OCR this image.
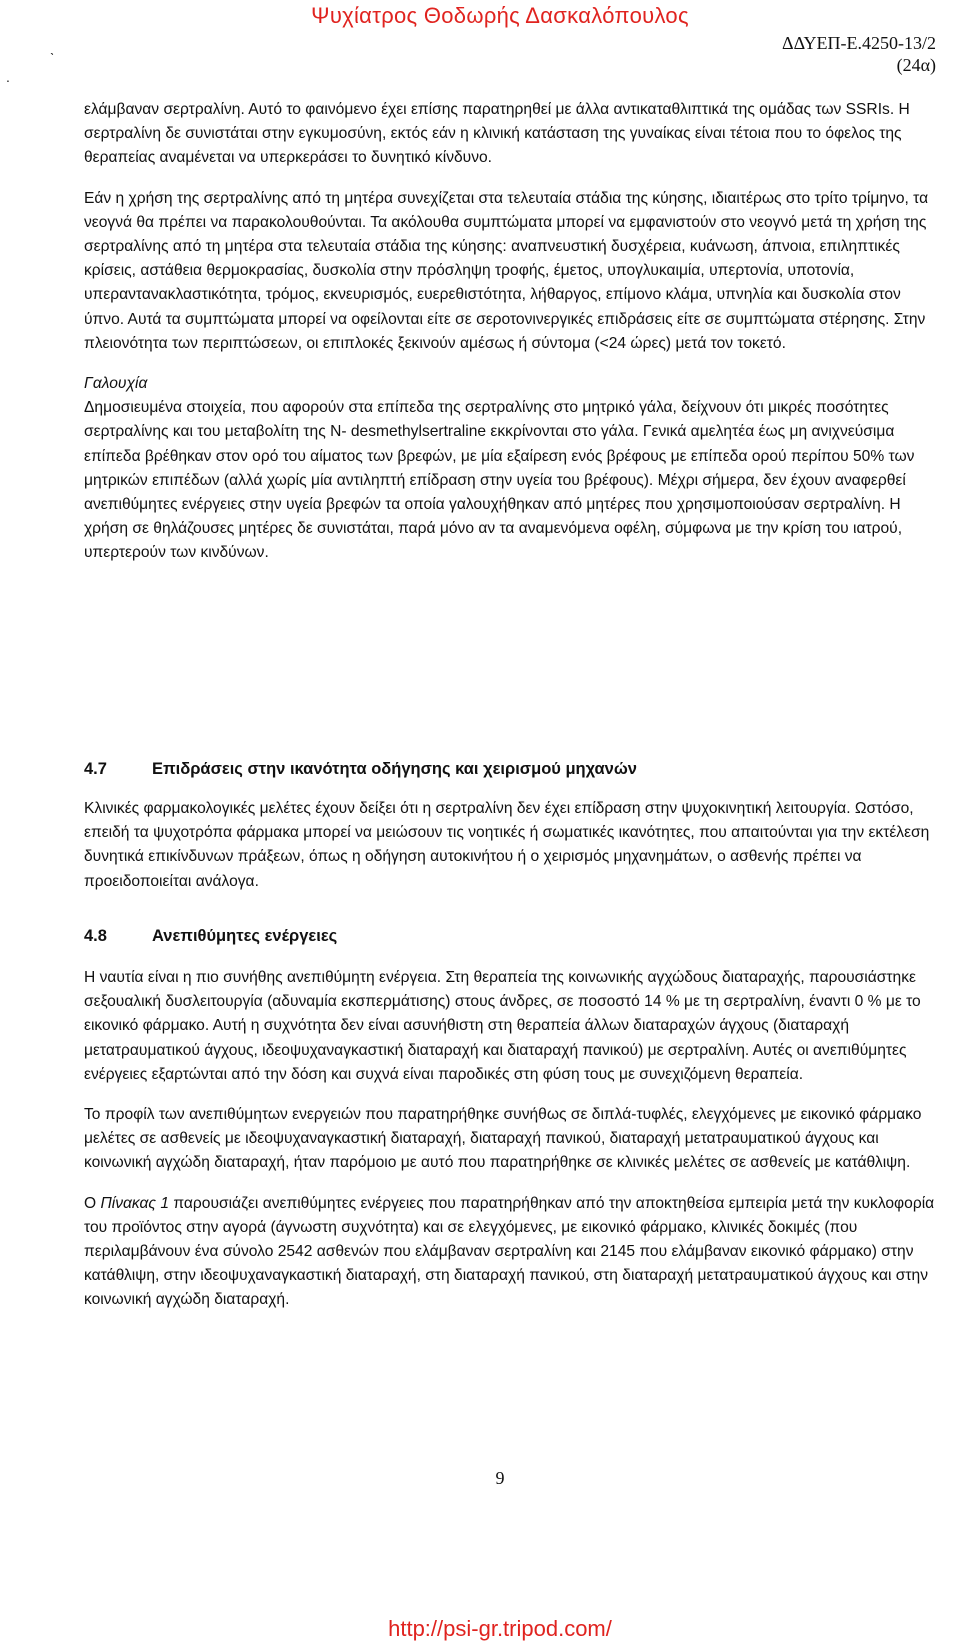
Ψυχίατρος Θοδωρής Δασκαλόπουλος
ΔΔΥΕΠ-Ε.4250-13/2
(24α)
ˎ
.

ελάμβαναν σερτραλίνη. Αυτό το φαινόμενο έχει επίσης παρατηρηθεί με άλλα αντικαταθλιπτικά της ομάδας των SSRIs. Η σερτραλίνη δε συνιστάται στην εγκυμοσύνη, εκτός εάν η κλινική κατάσταση της γυναίκας είναι τέτοια που το όφελος της θεραπείας αναμένεται να υπερκεράσει το δυνητικό κίνδυνο.

Εάν η χρήση της σερτραλίνης από τη μητέρα συνεχίζεται στα τελευταία στάδια της κύησης, ιδιαιτέρως στο τρίτο τρίμηνο, τα νεογνά θα πρέπει να παρακολουθούνται. Τα ακόλουθα συμπτώματα μπορεί να εμφανιστούν στο νεογνό μετά τη χρήση της σερτραλίνης από τη μητέρα στα τελευταία στάδια της κύησης: αναπνευστική δυσχέρεια, κυάνωση, άπνοια, επιληπτικές κρίσεις, αστάθεια θερμοκρασίας, δυσκολία στην πρόσληψη τροφής, έμετος, υπογλυκαιμία, υπερτονία, υποτονία, υπεραντανακλαστικότητα, τρόμος, εκνευρισμός, ευερεθιστότητα, λήθαργος, επίμονο κλάμα, υπνηλία και δυσκολία στον ύπνο. Αυτά τα συμπτώματα μπορεί να οφείλονται είτε σε σεροτονινεργικές επιδράσεις είτε σε συμπτώματα στέρησης. Στην πλειονότητα των περιπτώσεων, οι επιπλοκές ξεκινούν αμέσως ή σύντομα (<24 ώρες) μετά τον τοκετό.

Γαλουχία

Δημοσιευμένα στοιχεία, που αφορούν στα επίπεδα της σερτραλίνης στο μητρικό γάλα, δείχνουν ότι μικρές ποσότητες σερτραλίνης και του μεταβολίτη της N- desmethylsertraline εκκρίνονται στο γάλα. Γενικά αμελητέα έως μη ανιχνεύσιμα επίπεδα βρέθηκαν στον ορό του αίματος των βρεφών, με μία εξαίρεση ενός βρέφους με επίπεδα ορού περίπου 50% των μητρικών επιπέδων (αλλά χωρίς μία αντιληπτή επίδραση στην υγεία του βρέφους). Μέχρι σήμερα, δεν έχουν αναφερθεί ανεπιθύμητες ενέργειες στην υγεία βρεφών τα οποία γαλουχήθηκαν από μητέρες που χρησιμοποιούσαν σερτραλίνη. Η χρήση σε θηλάζουσες μητέρες δε συνιστάται, παρά μόνο αν τα αναμενόμενα οφέλη, σύμφωνα με την κρίση του ιατρού, υπερτερούν των κινδύνων.

4.7	Επιδράσεις στην ικανότητα οδήγησης και χειρισμού μηχανών

Κλινικές φαρμακολογικές μελέτες έχουν δείξει ότι η σερτραλίνη δεν έχει επίδραση στην ψυχοκινητική λειτουργία. Ωστόσο, επειδή τα ψυχοτρόπα φάρμακα μπορεί να μειώσουν τις νοητικές ή σωματικές ικανότητες, που απαιτούνται για την εκτέλεση δυνητικά επικίνδυνων πράξεων, όπως η οδήγηση αυτοκινήτου ή ο χειρισμός μηχανημάτων, ο ασθενής πρέπει να προειδοποιείται ανάλογα.

4.8	Ανεπιθύμητες ενέργειες

Η ναυτία είναι η πιο συνήθης ανεπιθύμητη ενέργεια. Στη θεραπεία της κοινωνικής αγχώδους διαταραχής, παρουσιάστηκε σεξουαλική δυσλειτουργία (αδυναμία εκσπερμάτισης) στους άνδρες, σε ποσοστό 14 % με τη σερτραλίνη, έναντι 0 % με το εικονικό φάρμακο. Αυτή η συχνότητα δεν είναι ασυνήθιστη στη θεραπεία άλλων διαταραχών άγχους (διαταραχή μετατραυματικού άγχους, ιδεοψυχαναγκαστική διαταραχή και διαταραχή πανικού) με σερτραλίνη. Αυτές οι ανεπιθύμητες ενέργειες εξαρτώνται από την δόση και συχνά είναι παροδικές στη φύση τους με συνεχιζόμενη θεραπεία.

Το προφίλ των ανεπιθύμητων ενεργειών που παρατηρήθηκε συνήθως σε διπλά-τυφλές, ελεγχόμενες με εικονικό φάρμακο μελέτες σε ασθενείς με ιδεοψυχαναγκαστική διαταραχή, διαταραχή πανικού, διαταραχή μετατραυματικού άγχους και κοινωνική αγχώδη διαταραχή, ήταν παρόμοιο με αυτό που παρατηρήθηκε σε κλινικές μελέτες σε ασθενείς με κατάθλιψη.

Ο Πίνακας 1 παρουσιάζει ανεπιθύμητες ενέργειες που παρατηρήθηκαν από την αποκτηθείσα εμπειρία μετά την κυκλοφορία του προϊόντος στην αγορά (άγνωστη συχνότητα) και σε ελεγχόμενες, με εικονικό φάρμακο, κλινικές δοκιμές (που περιλαμβάνουν ένα σύνολο 2542 ασθενών που ελάμβαναν σερτραλίνη και 2145 που ελάμβαναν εικονικό φάρμακο) στην κατάθλιψη, στην ιδεοψυχαναγκαστική διαταραχή, στη διαταραχή πανικού, στη διαταραχή μετατραυματικού άγχους και στην κοινωνική αγχώδη διαταραχή.

9
http://psi-gr.tripod.com/
